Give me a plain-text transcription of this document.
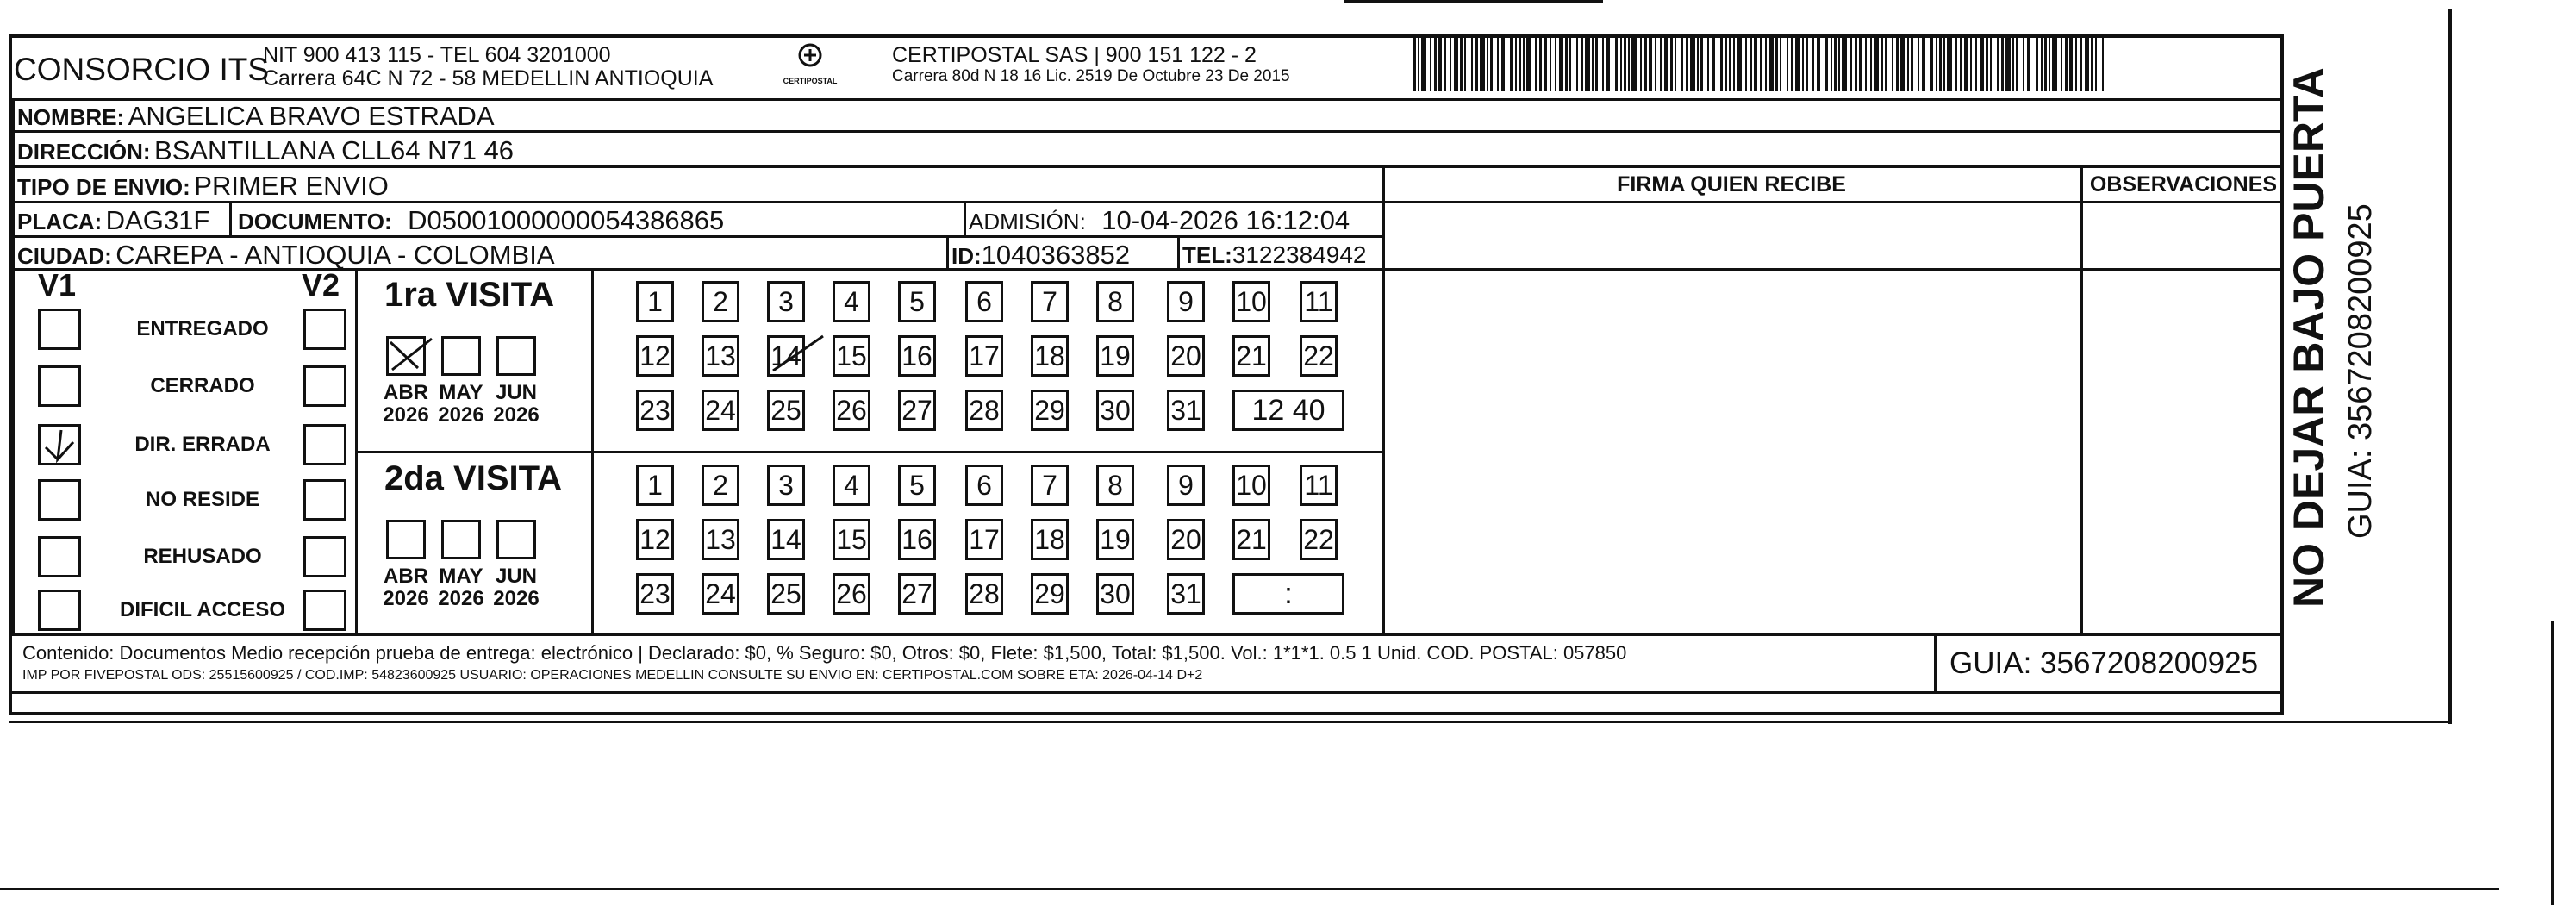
CONSORCIO ITS
NIT 900 413 115 - TEL 604 3201000
Carrera 64C N 72 - 58 MEDELLIN ANTIOQUIA	CERTIPOSTAL
CERTIPOSTAL SAS | 900 151 122 - 2
Carrera 80d N 18 16 Lic. 2519 De Octubre 23 De 2015
NOMBRE: ANGELICA BRAVO ESTRADA
DIRECCIÓN: BSANTILLANA CLL64 N71 46
TIPO DE ENVIO: PRIMER ENVIO
PLACA: DAG31F DOCUMENTO: D05001000000054386865	ADMISIÓN: 10-04-2026 16:12:04
CIUDAD: CAREPA - ANTIOQUIA - COLOMBIA	ID:1040363852 TEL:3122384942
FIRMA QUIEN RECIBE	OBSERVACIONES
V1	V2
ENTREGADO
CERRADO
DIR. ERRADA
NO RESIDE
REHUSADO
DIFICIL ACCESO
1ra VISITA
2da VISITA
ABR
2026
MAY
2026
JUN
2026
1	2	3	4	5	6	7	8	9	10 11
12 13 14 15 16 17 18 19 20 21 22
23 24 25 26 27 28 29 30 31	12 40
ABR
2026
MAY
2026
JUN
2026
1	2	3	4	5	6	7	8	9	10 11
12 13 14 15 16 17 18 19 20 21 22
23 24 25 26 27 28 29 30 31	:
Contenido: Documentos Medio recepción prueba de entrega: electrónico | Declarado: $0, % Seguro: $0, Otros: $0, Flete: $1,500, Total: $1,500. Vol.: 1*1*1. 0.5 1 Unid. COD. POSTAL: 057850
IMP POR FIVEPOSTAL ODS: 25515600925 / COD.IMP: 54823600925 USUARIO: OPERACIONES MEDELLIN CONSULTE SU ENVIO EN: CERTIPOSTAL.COM SOBRE ETA: 2026-04-14 D+2	GUIA: 3567208200925
NO DEJAR BAJO PUERTA GUIA: 3567208200925
